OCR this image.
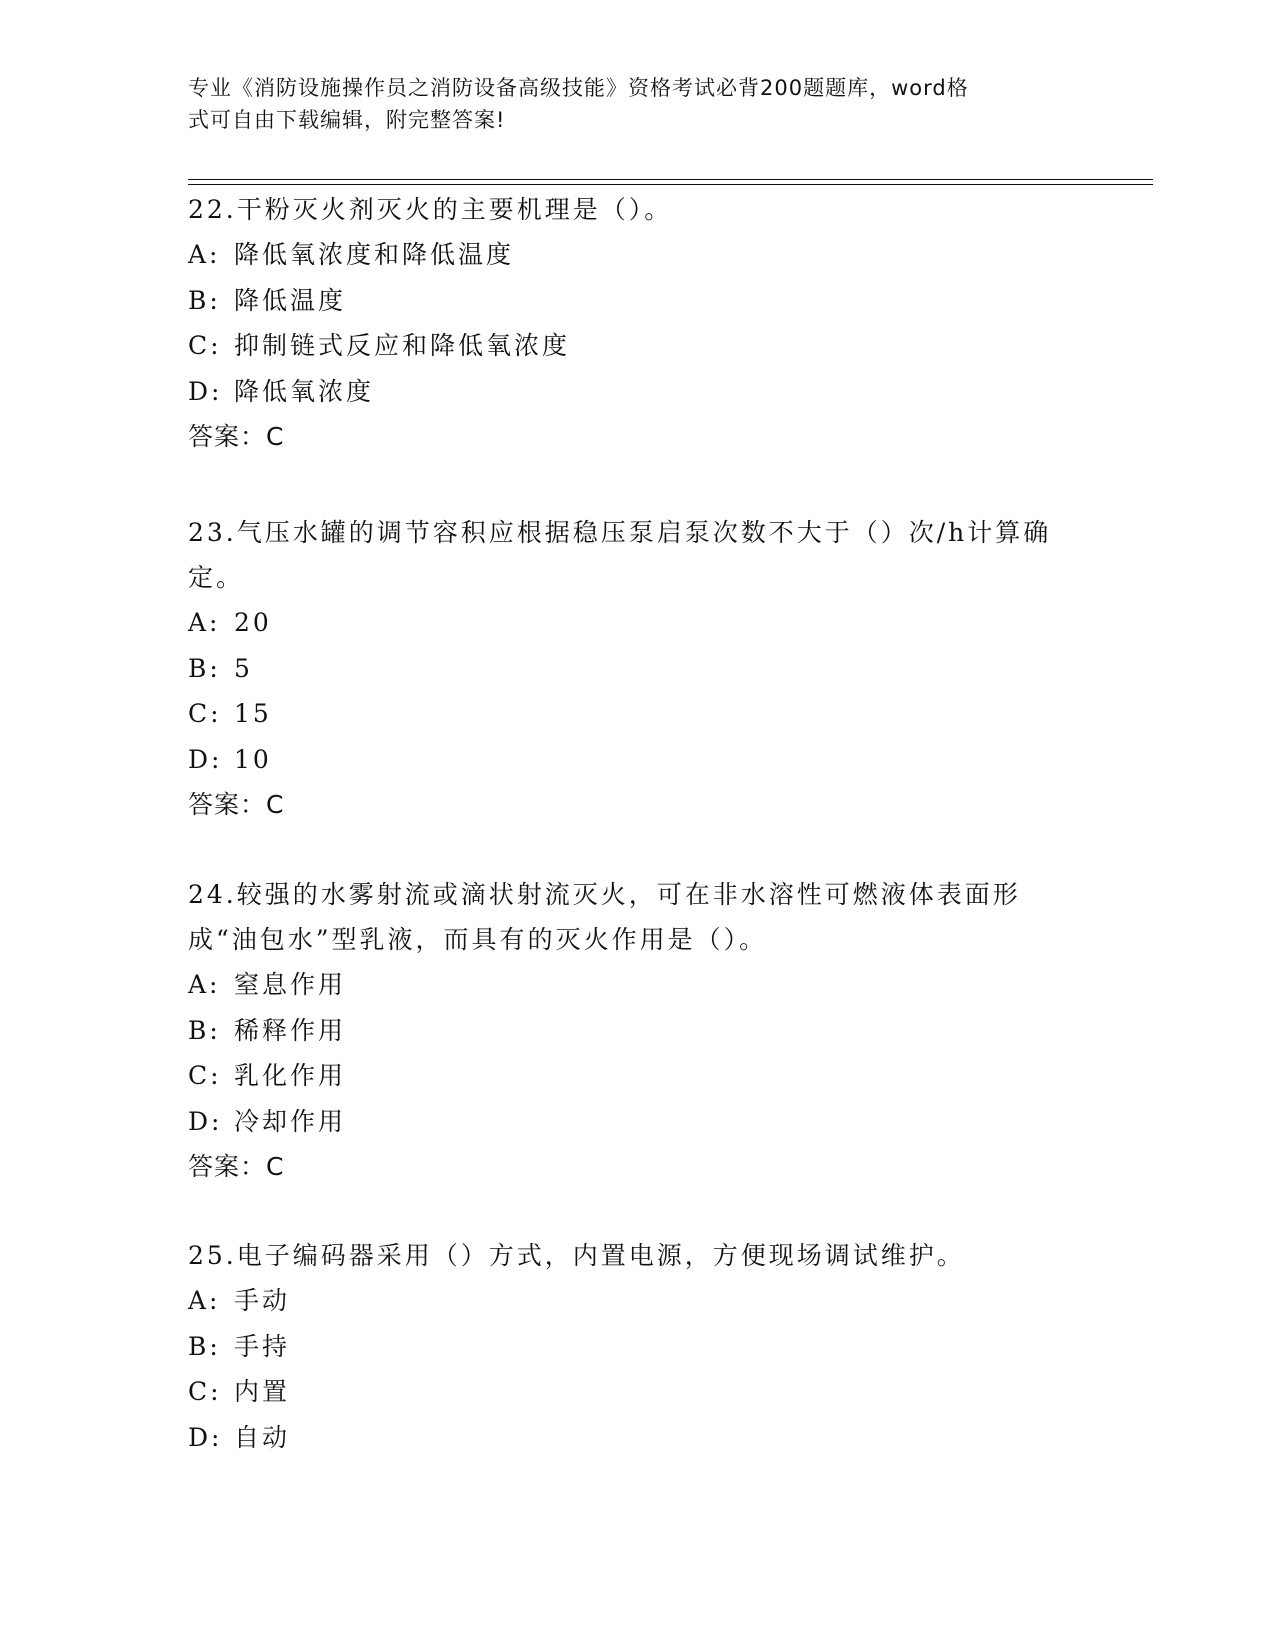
专业《消防设施操作员之消防设备高级技能》资格考试必背200题题库，word格
式可自由下载编辑，附完整答案!

22.干粉灭火剂灭火的主要机理是（）。

A: 降低氧浓度和降低温度
B: 降低温度
C: 抑制链式反应和降低氧浓度
D: 降低氧浓度
答案：C

23.气压水罐的调节容积应根据稳压泵启泵次数不大于（）次/h计算确定。

A: 20
B: 5
C: 15
D: 10
答案：C

24.较强的水雾射流或滴状射流灭火，可在非水溶性可燃液体表面形成“油包水”型乳液，而具有的灭火作用是（）。

A: 窒息作用
B: 稀释作用
C: 乳化作用
D: 冷却作用
答案：C

25.电子编码器采用（）方式，内置电源，方便现场调试维护。

A: 手动
B: 手持
C: 内置
D: 自动
